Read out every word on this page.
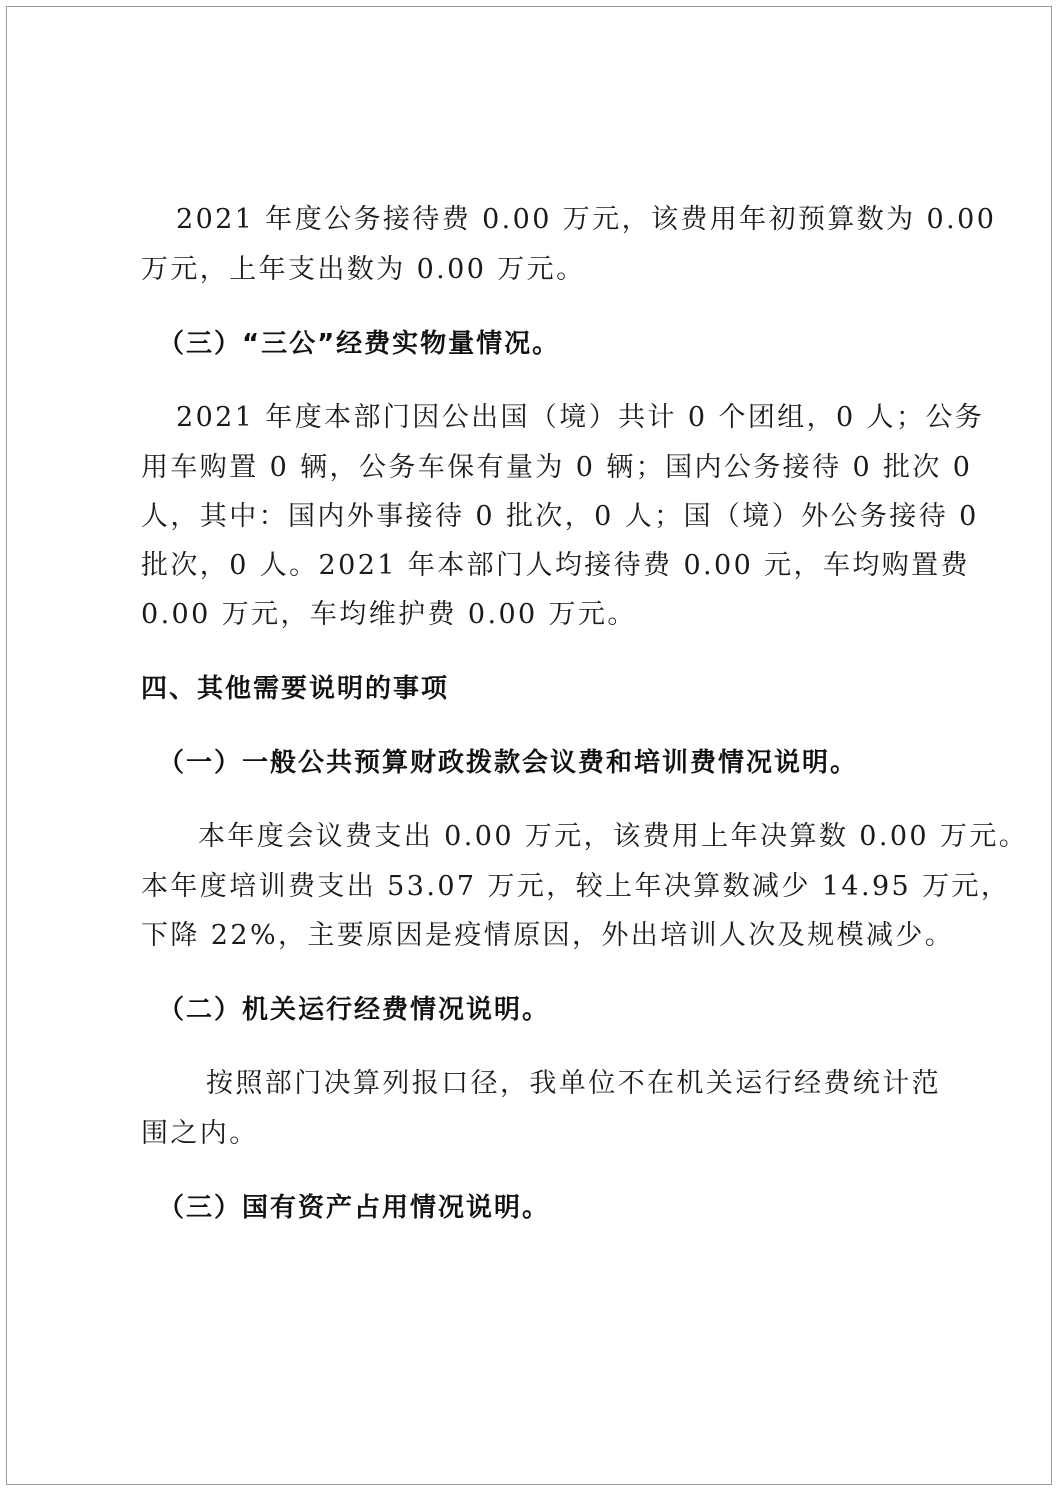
2021 年度公务接待费 0.00 万元，该费用年初预算数为 0.00
万元，上年支出数为 0.00 万元。
（三）“三公”经费实物量情况。
2021 年度本部门因公出国（境）共计 0 个团组，0 人；公务
用车购置 0 辆，公务车保有量为 0 辆；国内公务接待 0 批次 0
人，其中：国内外事接待 0 批次，0 人；国（境）外公务接待 0
批次，0 人。2021 年本部门人均接待费 0.00 元，车均购置费
0.00 万元，车均维护费 0.00 万元。
四、其他需要说明的事项
（一）一般公共预算财政拨款会议费和培训费情况说明。
本年度会议费支出 0.00 万元，该费用上年决算数 0.00 万元。
本年度培训费支出 53.07 万元，较上年决算数减少 14.95 万元，
下降 22%，主要原因是疫情原因，外出培训人次及规模减少。
（二）机关运行经费情况说明。
按照部门决算列报口径，我单位不在机关运行经费统计范
围之内。
（三）国有资产占用情况说明。
